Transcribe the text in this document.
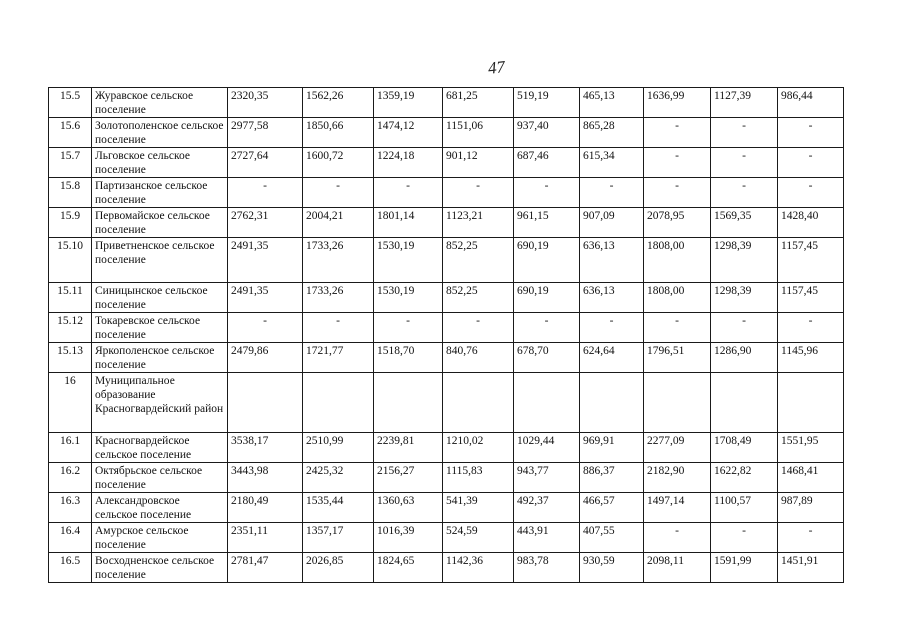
47
15.5	Журавское сельское поселение	2320,35	1562,26	1359,19	681,25	519,19	465,13	1636,99	1127,39	986,44
15.6	Золотополенское сельское поселение	2977,58	1850,66	1474,12	1151,06	937,40	865,28	-	-	-
15.7	Льговское сельское поселение	2727,64	1600,72	1224,18	901,12	687,46	615,34	-	-	-
15.8	Партизанское сельское поселение	-	-	-	-	-	-	-	-	-
15.9	Первомайское сельское поселение	2762,31	2004,21	1801,14	1123,21	961,15	907,09	2078,95	1569,35	1428,40
15.10	Приветненское сельское поселение	2491,35	1733,26	1530,19	852,25	690,19	636,13	1808,00	1298,39	1157,45
15.11	Синицынское сельское поселение	2491,35	1733,26	1530,19	852,25	690,19	636,13	1808,00	1298,39	1157,45
15.12	Токаревское сельское поселение	-	-	-	-	-	-	-	-	-
15.13	Яркополенское сельское поселение	2479,86	1721,77	1518,70	840,76	678,70	624,64	1796,51	1286,90	1145,96
16	Муниципальное образование Красногвардейский район									
16.1	Красногвардейское сельское поселение	3538,17	2510,99	2239,81	1210,02	1029,44	969,91	2277,09	1708,49	1551,95
16.2	Октябрьское сельское поселение	3443,98	2425,32	2156,27	1115,83	943,77	886,37	2182,90	1622,82	1468,41
16.3	Александровское сельское поселение	2180,49	1535,44	1360,63	541,39	492,37	466,57	1497,14	1100,57	987,89
16.4	Амурское сельское поселение	2351,11	1357,17	1016,39	524,59	443,91	407,55	-	-	-
16.5	Восходненское сельское поселение	2781,47	2026,85	1824,65	1142,36	983,78	930,59	2098,11	1591,99	1451,91
